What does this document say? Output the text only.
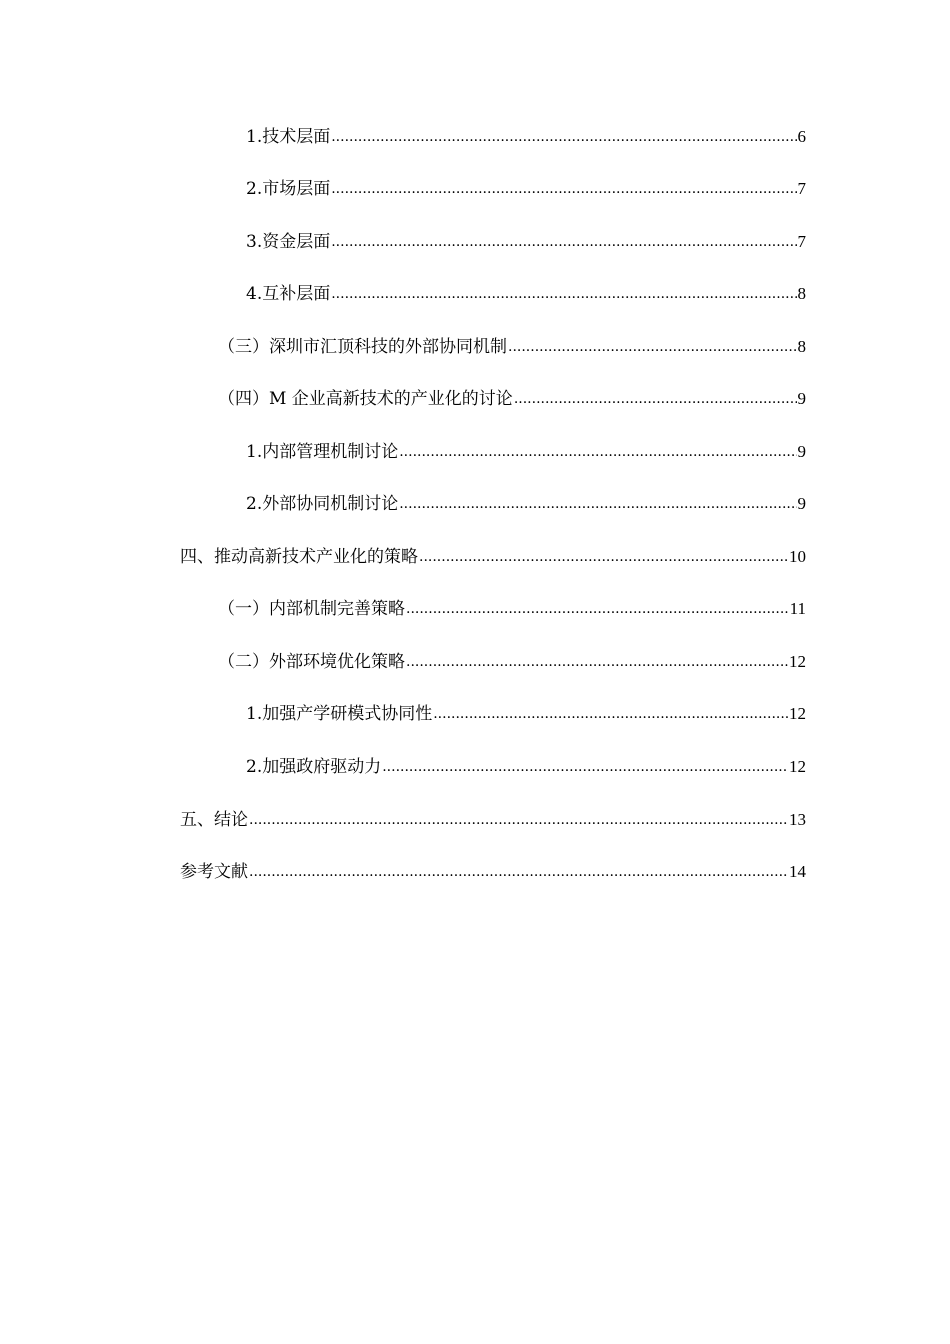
1.技术层面 .....	6
2.市场层面 .....	7
3.资金层面 .....	7
4.互补层面 .....	8
（三）深圳市汇顶科技的外部协同机制 .....	8
（四）M 企业高新技术的产业化的讨论 .....	9
1.内部管理机制讨论 .....	9
2.外部协同机制讨论 .....	9
四、推动高新技术产业化的策略 .....	10
（一）内部机制完善策略 .....	11
（二）外部环境优化策略 .....	12
1.加强产学研模式协同性 .....	12
2.加强政府驱动力 .....	12
五、结论 .....	13
参考文献 .....	14
